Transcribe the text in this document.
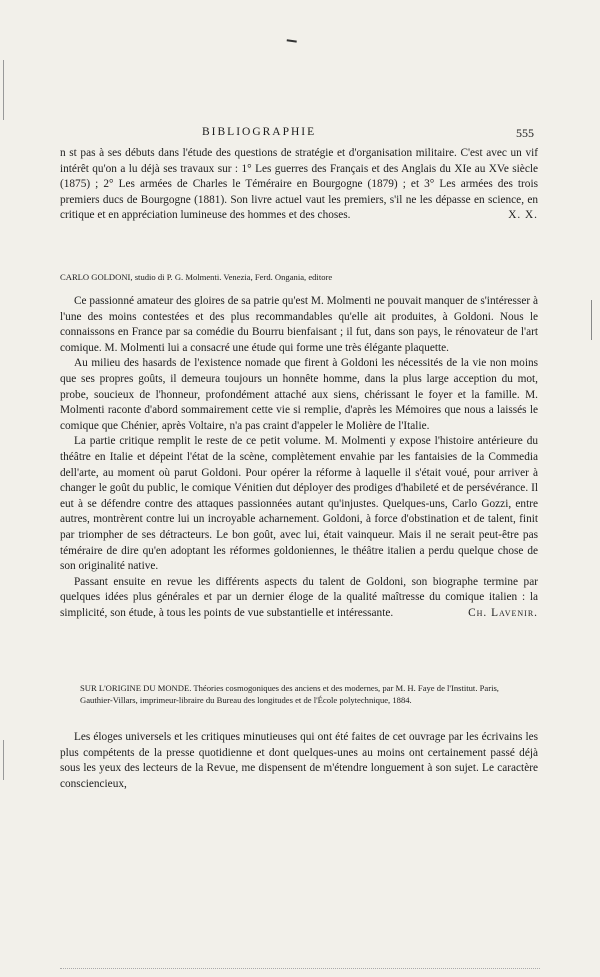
BIBLIOGRAPHIE	555

n st pas à ses débuts dans l'étude des questions de stratégie et d'organisation militaire. C'est avec un vif intérêt qu'on a lu déjà ses travaux sur : 1° Les guerres des Français et des Anglais du XIe au XVe siècle (1875) ; 2° Les armées de Charles le Téméraire en Bourgogne (1879) ; et 3° Les armées des trois premiers ducs de Bourgogne (1881). Son livre actuel vaut les premiers, s'il ne les dépasse en science, en critique et en appréciation lumineuse des hommes et des choses.	X. X.

CARLO GOLDONI, studio di P. G. Molmenti. Venezia, Ferd. Ongania, editore

Ce passionné amateur des gloires de sa patrie qu'est M. Molmenti ne pouvait manquer de s'intéresser à l'une des moins contestées et des plus recommandables qu'elle ait produites, à Goldoni. Nous le connaissons en France par sa comédie du Bourru bienfaisant ; il fut, dans son pays, le rénovateur de l'art comique. M. Molmenti lui a consacré une étude qui forme une très élégante plaquette.

Au milieu des hasards de l'existence nomade que firent à Goldoni les nécessités de la vie non moins que ses propres goûts, il demeura toujours un honnête homme, dans la plus large acception du mot, probe, soucieux de l'honneur, profondément attaché aux siens, chérissant le foyer et la famille. M. Molmenti raconte d'abord sommairement cette vie si remplie, d'après les Mémoires que nous a laissés le comique que Chénier, après Voltaire, n'a pas craint d'appeler le Molière de l'Italie.

La partie critique remplit le reste de ce petit volume. M. Molmenti y expose l'histoire antérieure du théâtre en Italie et dépeint l'état de la scène, complètement envahie par les fantaisies de la Commedia dell'arte, au moment où parut Goldoni. Pour opérer la réforme à laquelle il s'était voué, pour arriver à changer le goût du public, le comique Vénitien dut déployer des prodiges d'habileté et de persévérance. Il eut à se défendre contre des attaques passionnées autant qu'injustes. Quelques-uns, Carlo Gozzi, entre autres, montrèrent contre lui un incroyable acharnement. Goldoni, à force d'obstination et de talent, finit par triompher de ses détracteurs. Le bon goût, avec lui, était vainqueur. Mais il ne serait peut-être pas téméraire de dire qu'en adoptant les réformes goldoniennes, le théâtre italien a perdu quelque chose de son originalité native.

Passant ensuite en revue les différents aspects du talent de Goldoni, son biographe termine par quelques idées plus générales et par un dernier éloge de la qualité maîtresse du comique italien : la simplicité, son étude, à tous les points de vue substantielle et intéressante.	Ch. Lavenir.

SUR L'ORIGINE DU MONDE. Théories cosmogoniques des anciens et des modernes, par M. H. Faye de l'Institut. Paris, Gauthier-Villars, imprimeur-libraire du Bureau des longitudes et de l'École polytechnique, 1884.

Les éloges universels et les critiques minutieuses qui ont été faites de cet ouvrage par les écrivains les plus compétents de la presse quotidienne et dont quelques-unes au moins ont certainement passé déjà sous les yeux des lecteurs de la Revue, me dispensent de m'étendre longuement à son sujet. Le caractère consciencieux,
